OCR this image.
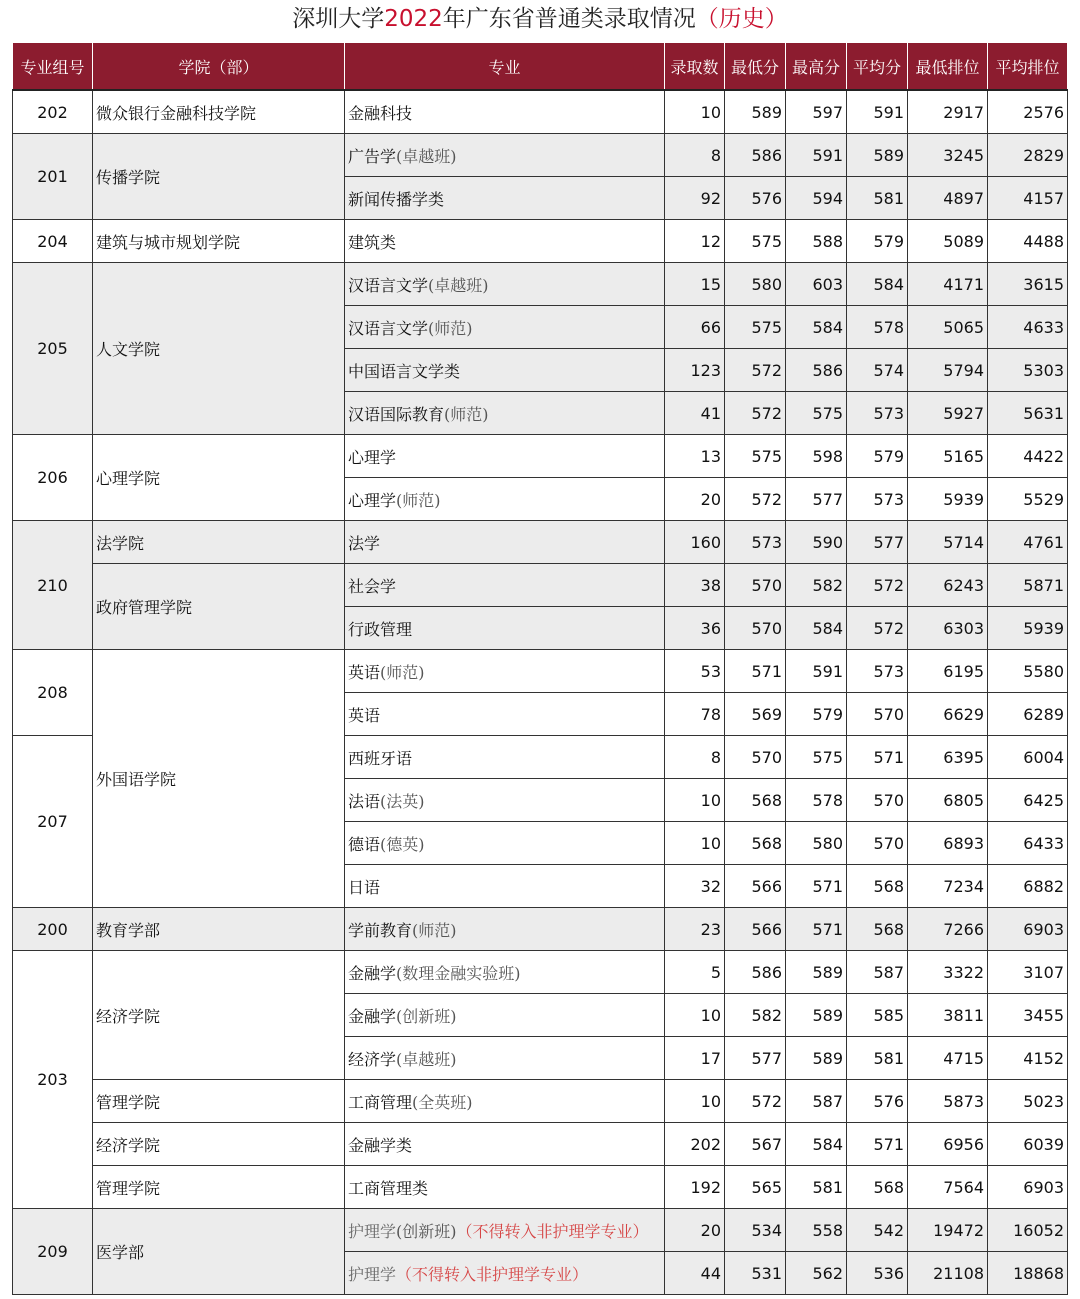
深圳大学2022年广东省普通类录取情况（历史）
专业组号	学院（部）	专业	录取数	最低分	最高分	平均分	最低排位	平均排位
202	微众银行金融科技学院	金融科技	10	589	597	591	2917	2576
201	传播学院	广告学(卓越班)	8	586	591	589	3245	2829
		新闻传播学类	92	576	594	581	4897	4157
204	建筑与城市规划学院	建筑类	12	575	588	579	5089	4488
205	人文学院	汉语言文学(卓越班)	15	580	603	584	4171	3615
		汉语言文学(师范)	66	575	584	578	5065	4633
		中国语言文学类	123	572	586	574	5794	5303
		汉语国际教育(师范)	41	572	575	573	5927	5631
206	心理学院	心理学	13	575	598	579	5165	4422
		心理学(师范)	20	572	577	573	5939	5529
210	法学院	法学	160	573	590	577	5714	4761
	政府管理学院	社会学	38	570	582	572	6243	5871
		行政管理	36	570	584	572	6303	5939
208	外国语学院	英语(师范)	53	571	591	573	6195	5580
		英语	78	569	579	570	6629	6289
207		西班牙语	8	570	575	571	6395	6004
		法语(法英)	10	568	578	570	6805	6425
		德语(德英)	10	568	580	570	6893	6433
		日语	32	566	571	568	7234	6882
200	教育学部	学前教育(师范)	23	566	571	568	7266	6903
203	经济学院	金融学(数理金融实验班)	5	586	589	587	3322	3107
		金融学(创新班)	10	582	589	585	3811	3455
		经济学(卓越班)	17	577	589	581	4715	4152
	管理学院	工商管理(全英班)	10	572	587	576	5873	5023
	经济学院	金融学类	202	567	584	571	6956	6039
	管理学院	工商管理类	192	565	581	568	7564	6903
209	医学部	护理学(创新班)（不得转入非护理学专业）	20	534	558	542	19472	16052
		护理学（不得转入非护理学专业）	44	531	562	536	21108	18868
